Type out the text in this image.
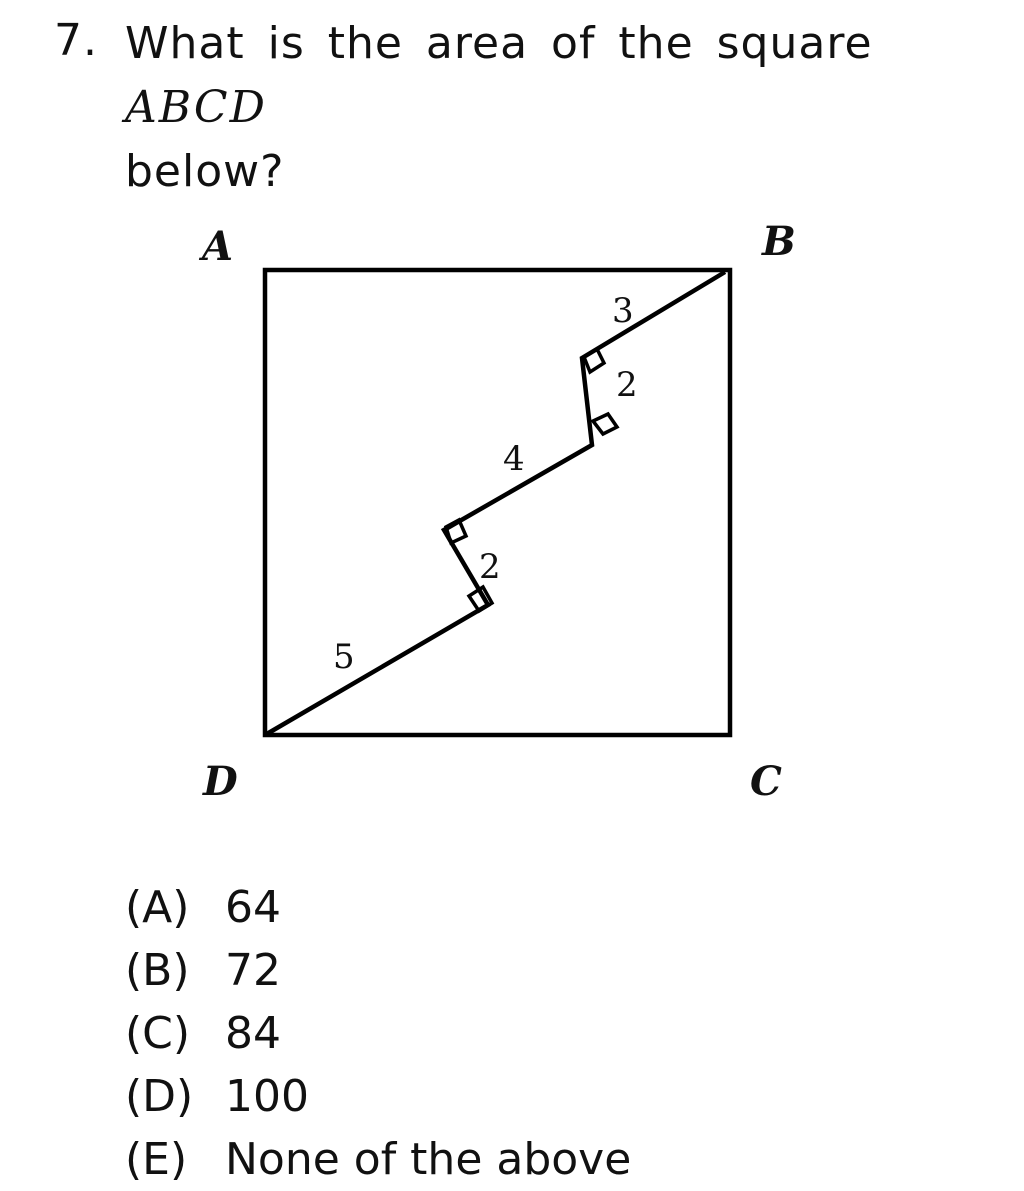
7. What is the area of the square ABCD
below?
A	B
C
D
5
2
4
2
3
(A) 64
(B) 72
(C) 84
(D) 100
(E) None of the above
